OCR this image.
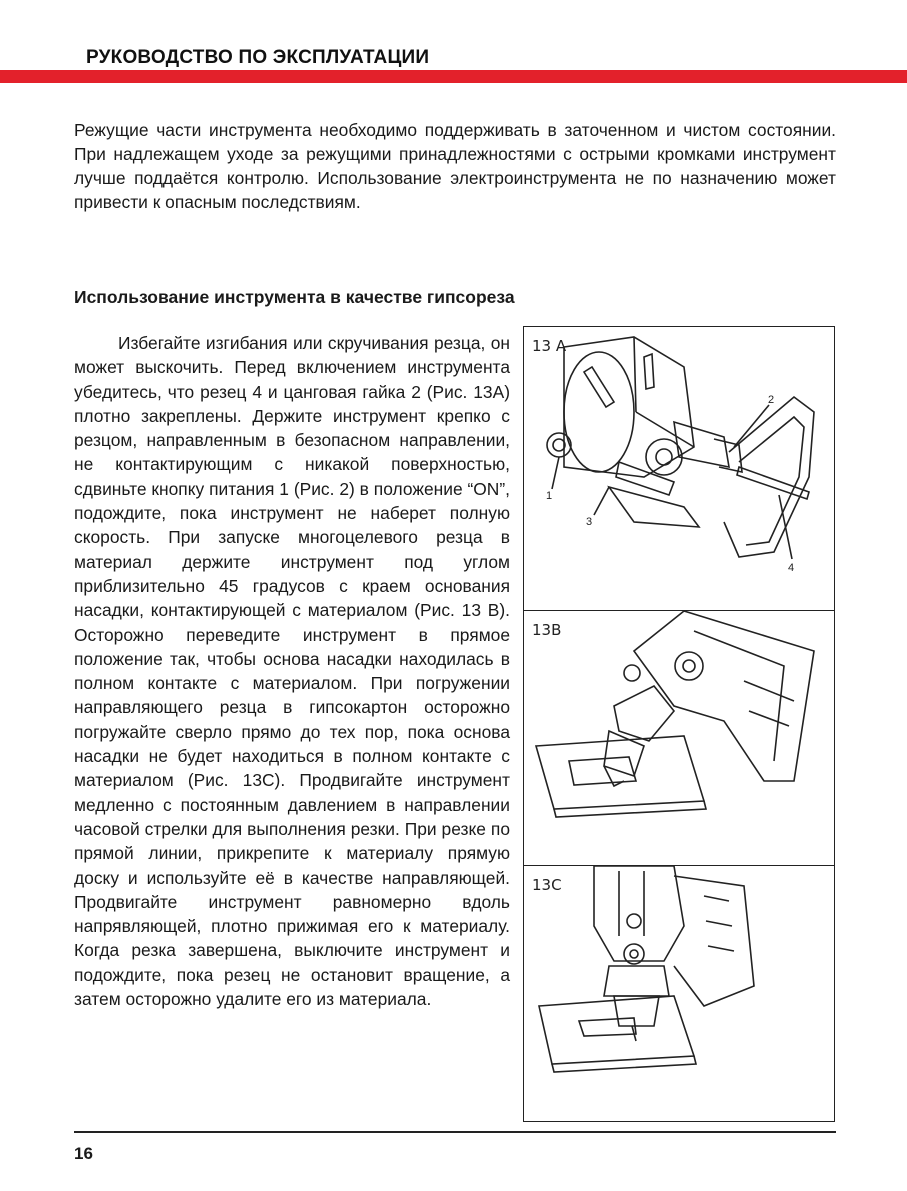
РУКОВОДСТВО ПО ЭКСПЛУАТАЦИИ

Режущие части инструмента необходимо поддерживать в заточенном и чистом состоянии. При надлежащем уходе за режущими принадлежностями с острыми кромками инструмент лучше поддаётся контролю. Использование электроинструмента не по назначению может привести к опасным последствиям.

Использование инструмента в качестве гипсореза

Избегайте изгибания или скручивания резца, он может выскочить. Перед включением инструмента убедитесь, что резец 4 и цанговая гайка 2 (Рис. 13А) плотно закреплены. Держите инструмент крепко с резцом, направленным в безопасном направлении, не контактирующим с никакой поверхностью, сдвиньте кнопку питания 1 (Рис. 2) в положение “ON”, подождите, пока инструмент не наберет полную скорость. При запуске многоцелевого резца в материал держите инструмент под углом приблизительно 45 градусов с краем основания насадки, контактирующей с материалом (Рис. 13 В). Осторожно переведите инструмент в прямое положение так, чтобы основа насадки находилась в полном контакте с материалом. При погружении направляющего резца в гипсокартон осторожно погружайте сверло прямо до тех пор, пока основа насадки не будет находиться в полном контакте с материалом (Рис. 13С). Продвигайте инструмент медленно с постоянным давлением в направлении часовой стрелки для выполнения резки. При резке по прямой линии, прикрепите к материалу прямую доску и используйте её в качестве направляющей. Продвигайте инструмент равномерно вдоль напрявляющей, плотно прижимая его к материалу. Когда резка завершена, выключите инструмент и подождите, пока резец не остановит вращение, а затем осторожно удалите его из материала.

13 A
1
2
3
4
13B
13C
16
